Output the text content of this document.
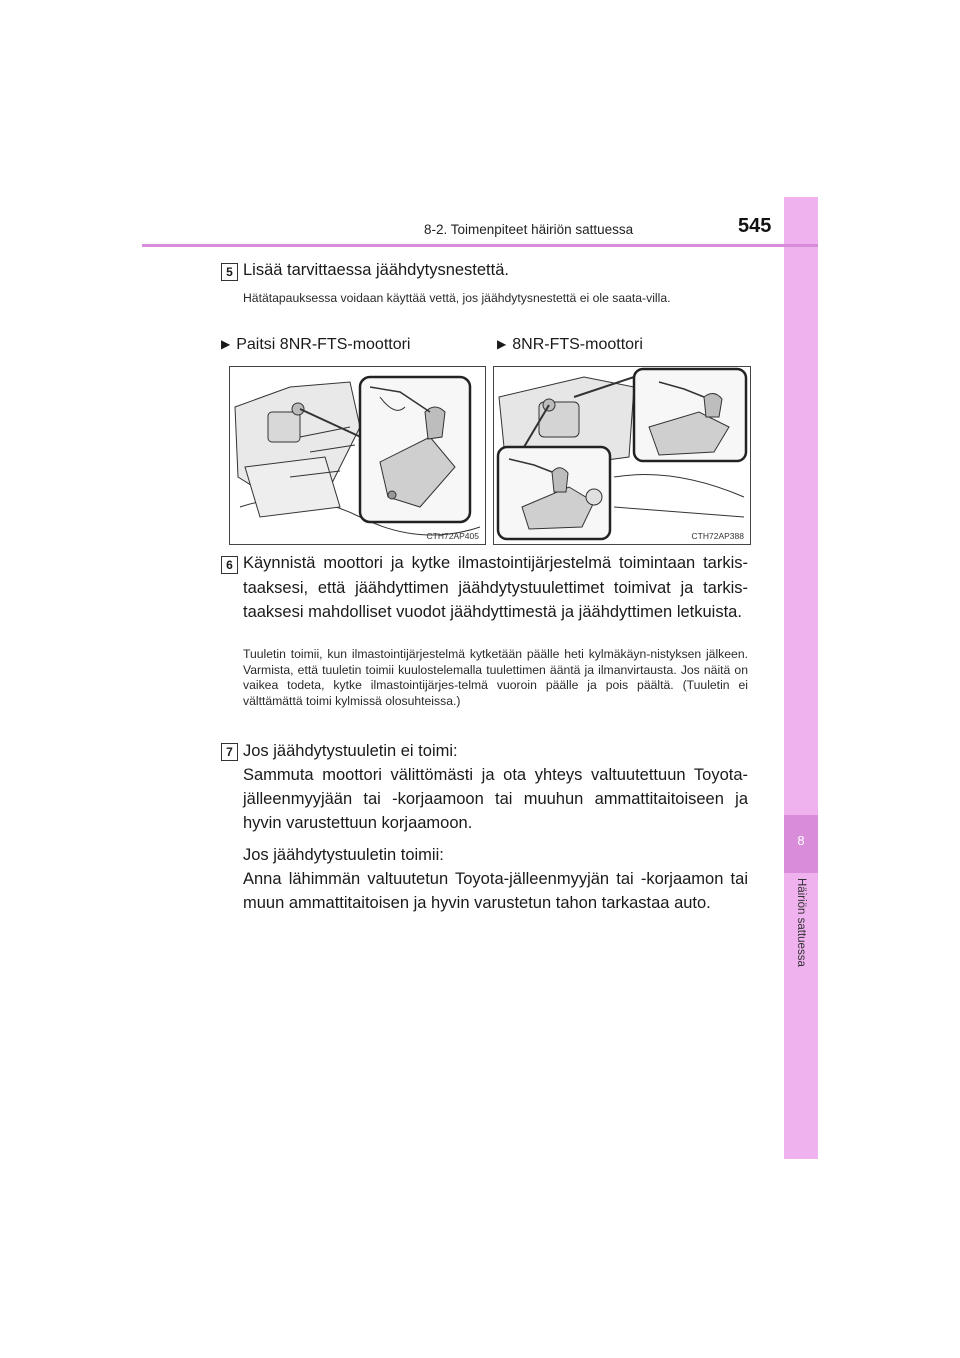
8
Häiriön sattuessa
8-2. Toimenpiteet häiriön sattuessa	545
5 Lisää tarvittaessa jäähdytysnestettä.
Hätätapauksessa voidaan käyttää vettä, jos jäähdytysnestettä ei ole saata-villa.
▶ Paitsi 8NR-FTS-moottori	▶ 8NR-FTS-moottori
CTH72AP405	CTH72AP388
6 Käynnistä moottori ja kytke ilmastointijärjestelmä toimintaan tarkis-taaksesi, että jäähdyttimen jäähdytystuulettimet toimivat ja tarkis-taaksesi mahdolliset vuodot jäähdyttimestä ja jäähdyttimen letkuista.
Tuuletin toimii, kun ilmastointijärjestelmä kytketään päälle heti kylmäkäyn-nistyksen jälkeen. Varmista, että tuuletin toimii kuulostelemalla tuulettimen ääntä ja ilmanvirtausta. Jos näitä on vaikea todeta, kytke ilmastointijärjes-telmä vuoroin päälle ja pois päältä. (Tuuletin ei välttämättä toimi kylmissä olosuhteissa.)
7 Jos jäähdytystuuletin ei toimi:
Sammuta moottori välittömästi ja ota yhteys valtuutettuun Toyota-jälleenmyyjään tai -korjaamoon tai muuhun ammattitaitoiseen ja hyvin varustettuun korjaamoon.
Jos jäähdytystuuletin toimii:
Anna lähimmän valtuutetun Toyota-jälleenmyyjän tai -korjaamon tai muun ammattitaitoisen ja hyvin varustetun tahon tarkastaa auto.
